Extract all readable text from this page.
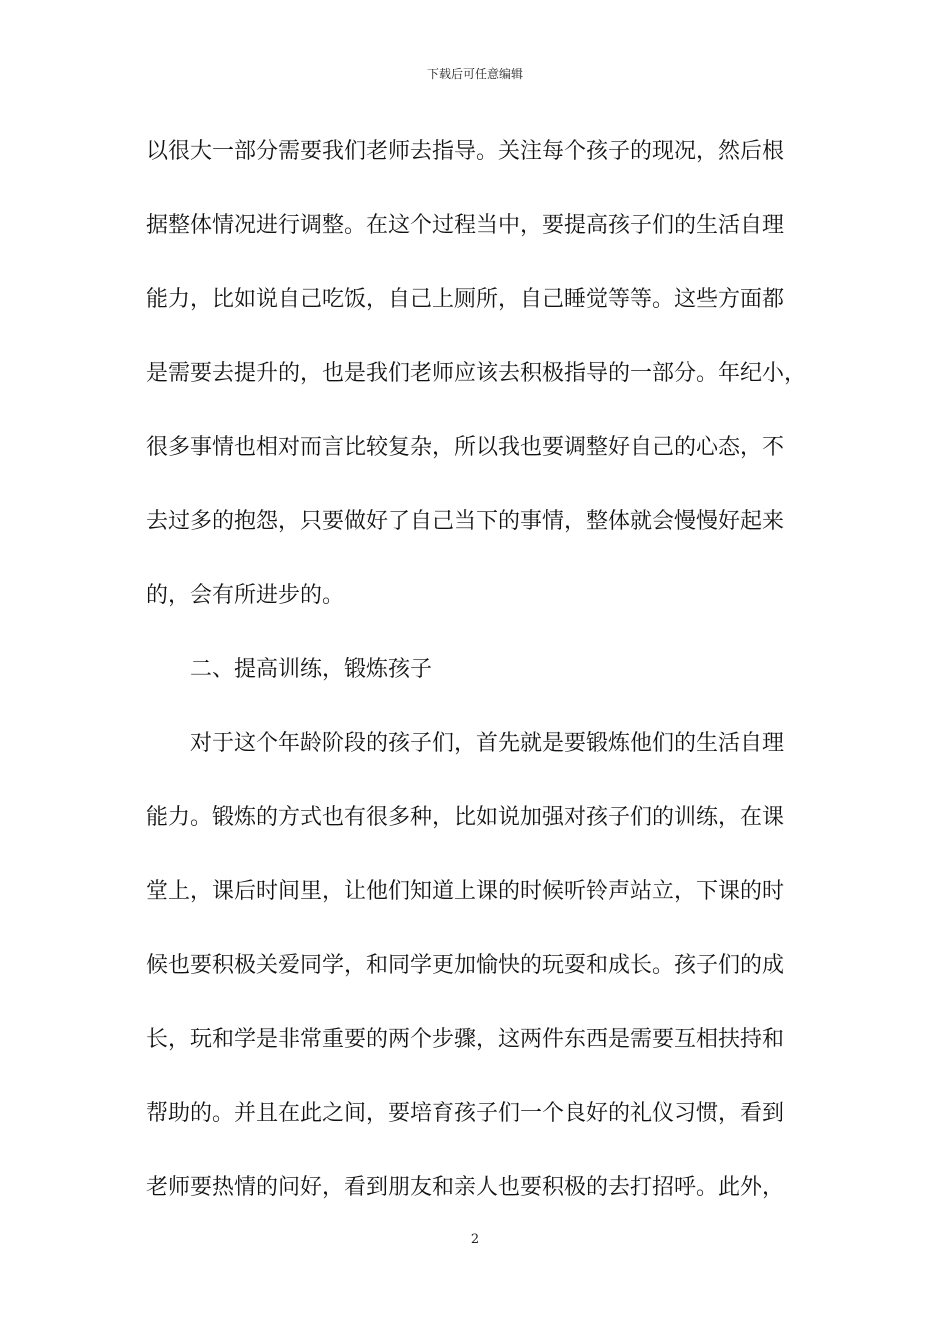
下载后可任意编辑
以很大一部分需要我们老师去指导。关注每个孩子的现况，然后根
据整体情况进行调整。在这个过程当中，要提高孩子们的生活自理
能力，比如说自己吃饭，自己上厕所，自己睡觉等等。这些方面都
是需要去提升的，也是我们老师应该去积极指导的一部分。年纪小，
很多事情也相对而言比较复杂，所以我也要调整好自己的心态，不
去过多的抱怨，只要做好了自己当下的事情，整体就会慢慢好起来
的，会有所进步的。
二、提高训练，锻炼孩子
对于这个年龄阶段的孩子们，首先就是要锻炼他们的生活自理
能力。锻炼的方式也有很多种，比如说加强对孩子们的训练，在课
堂上，课后时间里，让他们知道上课的时候听铃声站立，下课的时
候也要积极关爱同学，和同学更加愉快的玩耍和成长。孩子们的成
长，玩和学是非常重要的两个步骤，这两件东西是需要互相扶持和
帮助的。并且在此之间，要培育孩子们一个良好的礼仪习惯，看到
老师要热情的问好，看到朋友和亲人也要积极的去打招呼。此外，
2
